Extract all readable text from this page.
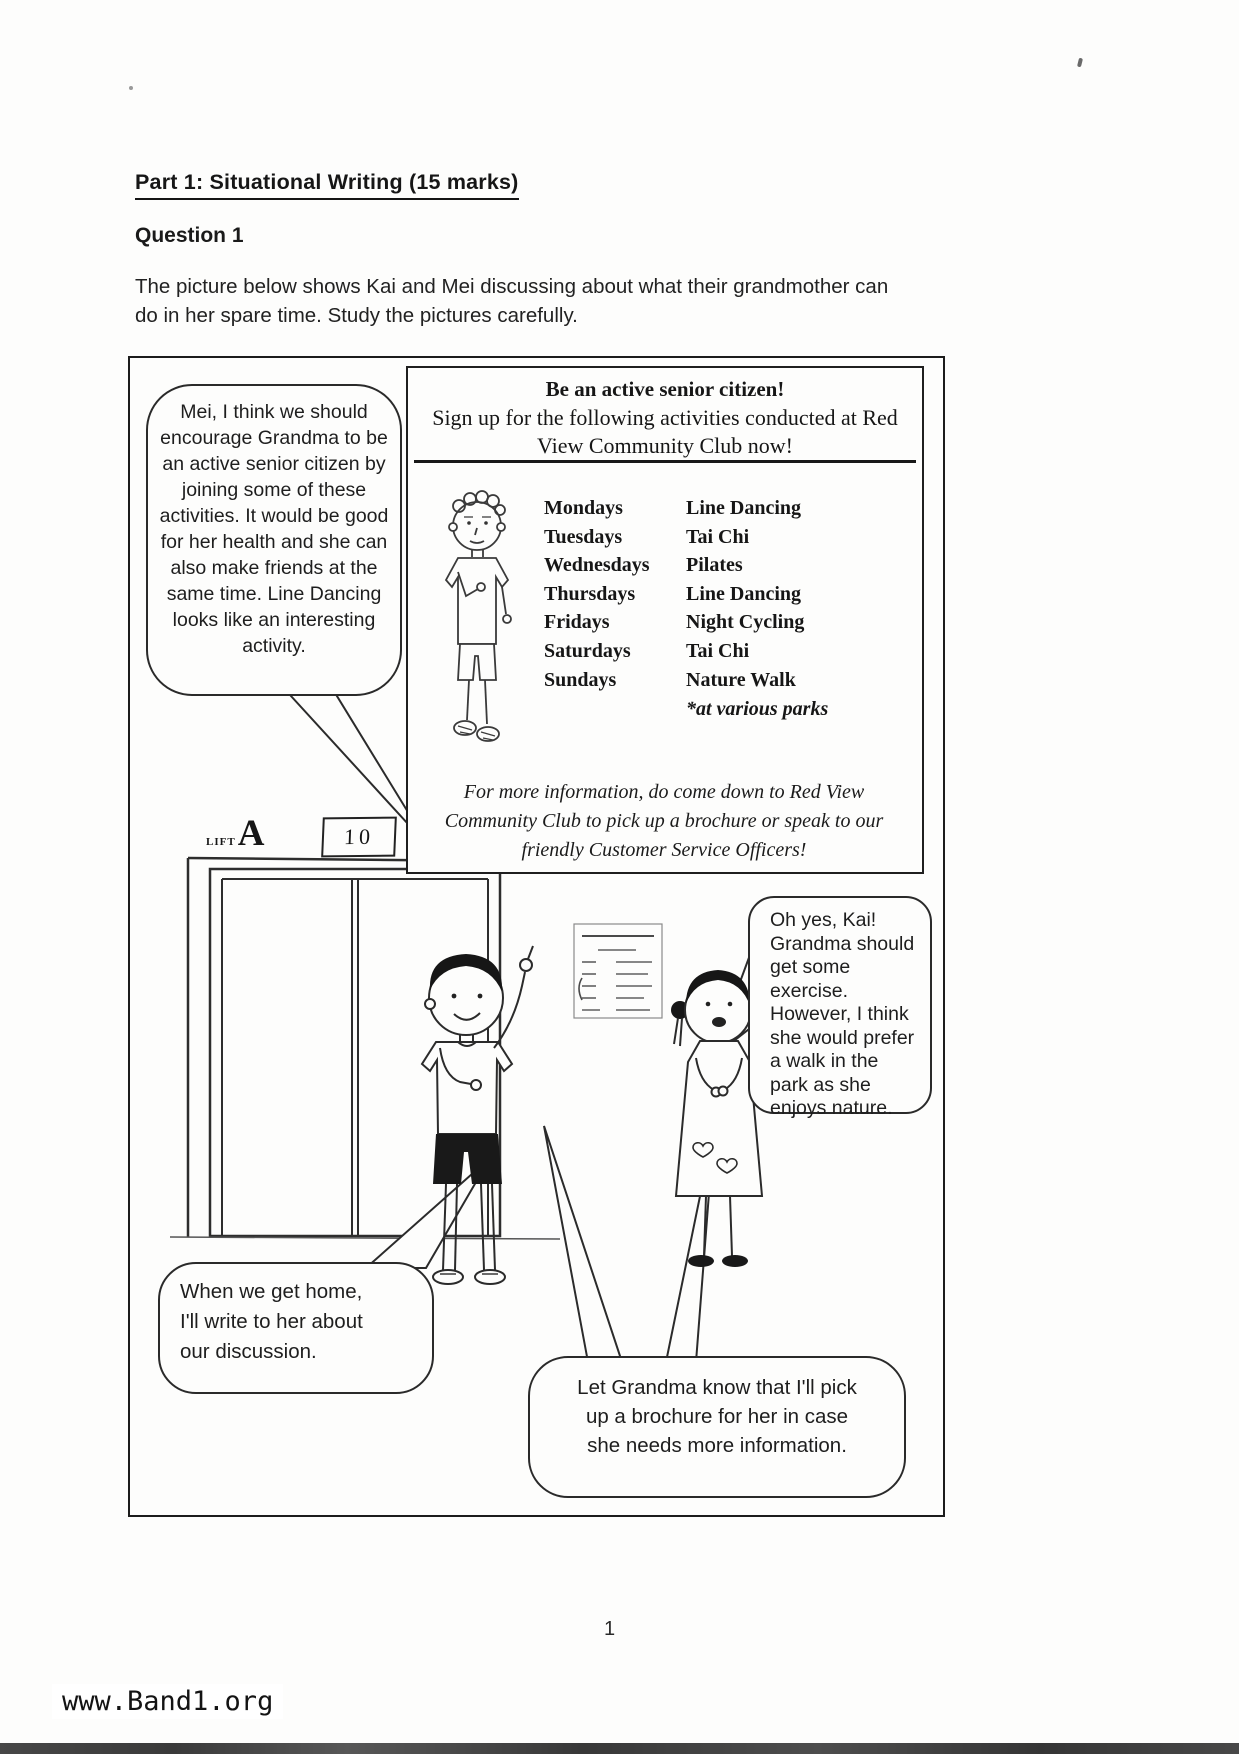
Part 1: Situational Writing (15 marks)
Question 1
The picture below shows Kai and Mei discussing about what their grandmother can
do in her spare time. Study the pictures carefully.
Mei, I think we should encourage Grandma to be an active senior citizen by joining some of these activities. It would be good for her health and she can also make friends at the same time. Line Dancing looks like an interesting activity.
Oh yes, Kai! Grandma should get some exercise. However, I think she would prefer a walk in the park as she enjoys nature.
When we get home, I'll write to her about our discussion.
Let Grandma know that I'll pick up a brochure for her in case she needs more information.
LIFT A	10
Be an active senior citizen!
Sign up for the following activities conducted at Red View Community Club now!
Mondays	Line Dancing
Tuesdays	Tai Chi
Wednesdays	Pilates
Thursdays	Line Dancing
Fridays	Night Cycling
Saturdays	Tai Chi
Sundays	Nature Walk
*at various parks
For more information, do come down to Red View Community Club to pick up a brochure or speak to our friendly Customer Service Officers!
1
www.Band1.org
